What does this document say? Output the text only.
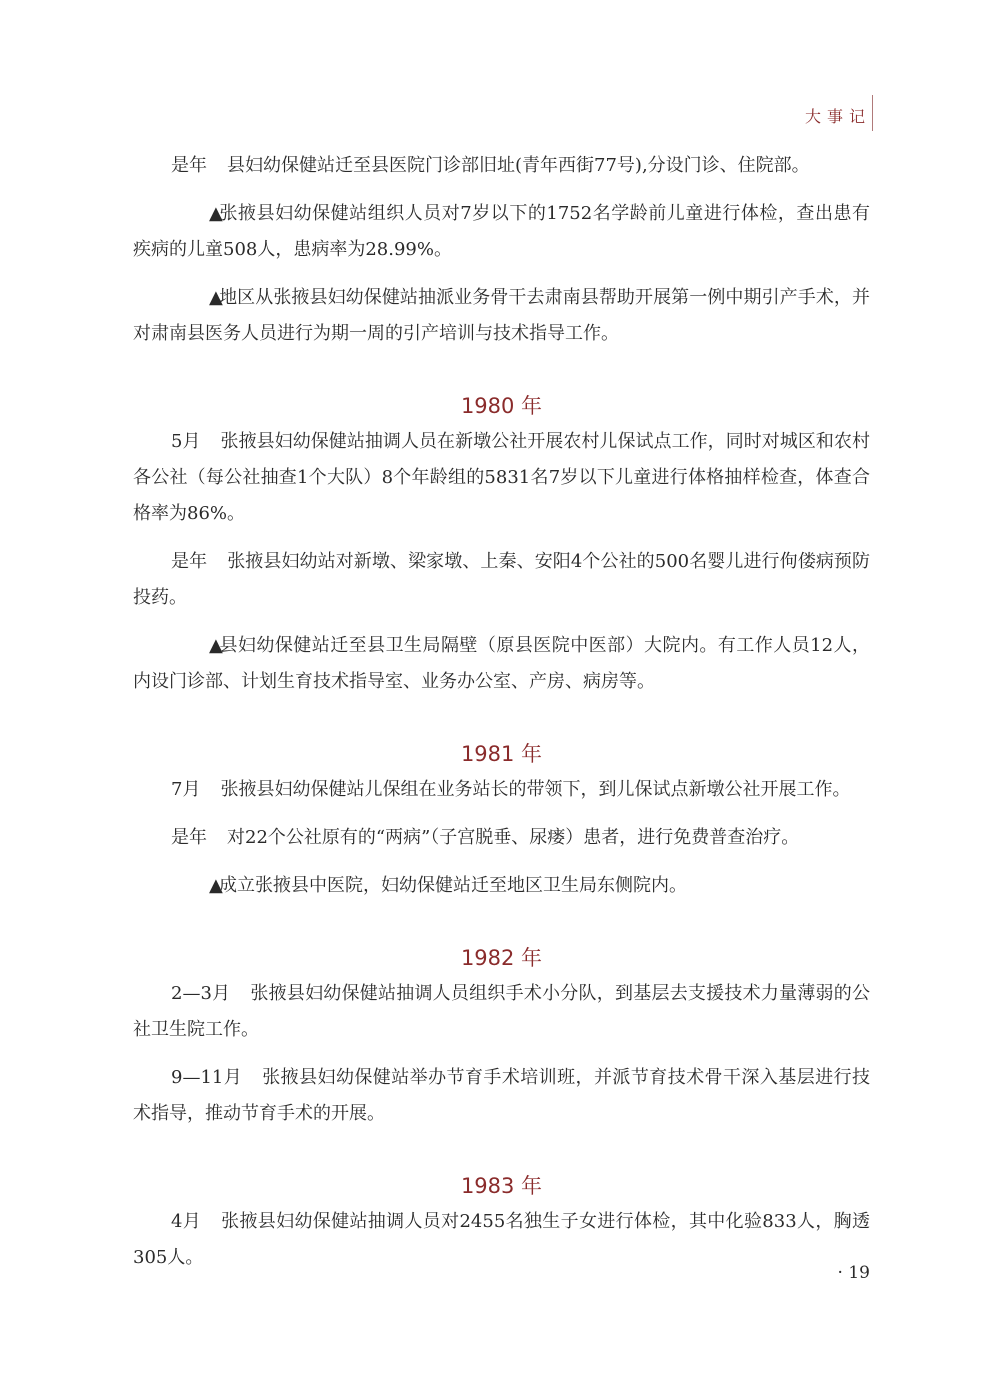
大事记

是年 县妇幼保健站迁至县医院门诊部旧址(青年西街77号),分设门诊、住院部。

▲张掖县妇幼保健站组织人员对7岁以下的1752名学龄前儿童进行体检，查出患有疾病的儿童508人，患病率为28.99%。

▲地区从张掖县妇幼保健站抽派业务骨干去肃南县帮助开展第一例中期引产手术，并对肃南县医务人员进行为期一周的引产培训与技术指导工作。

1980 年

5月 张掖县妇幼保健站抽调人员在新墩公社开展农村儿保试点工作，同时对城区和农村各公社（每公社抽查1个大队）8个年龄组的5831名7岁以下儿童进行体格抽样检查，体查合格率为86%。

是年 张掖县妇幼站对新墩、梁家墩、上秦、安阳4个公社的500名婴儿进行佝偻病预防投药。

▲县妇幼保健站迁至县卫生局隔壁（原县医院中医部）大院内。有工作人员12人，内设门诊部、计划生育技术指导室、业务办公室、产房、病房等。

1981 年

7月 张掖县妇幼保健站儿保组在业务站长的带领下，到儿保试点新墩公社开展工作。

是年 对22个公社原有的“两病”（子宫脱垂、尿瘘）患者，进行免费普查治疗。

▲成立张掖县中医院，妇幼保健站迁至地区卫生局东侧院内。

1982 年

2—3月 张掖县妇幼保健站抽调人员组织手术小分队，到基层去支援技术力量薄弱的公社卫生院工作。

9—11月 张掖县妇幼保健站举办节育手术培训班，并派节育技术骨干深入基层进行技术指导，推动节育手术的开展。

1983 年

4月 张掖县妇幼保健站抽调人员对2455名独生子女进行体检，其中化验833人，胸透305人。

· 19
